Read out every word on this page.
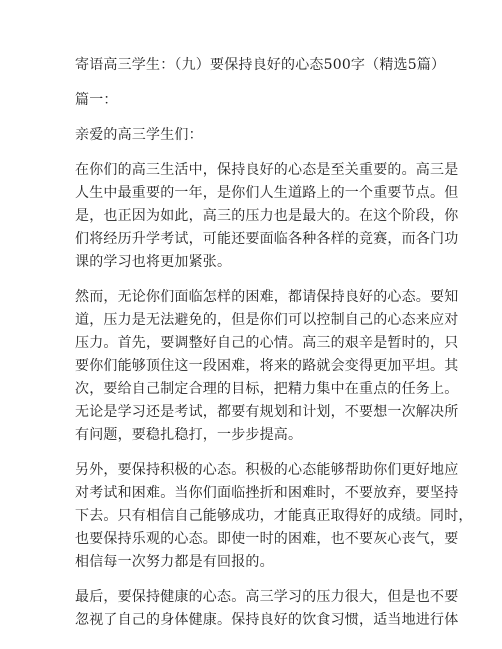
寄语高三学生：（九）要保持良好的心态500字（精选5篇）
篇一：
亲爱的高三学生们：
在你们的高三生活中，保持良好的心态是至关重要的。高三是
人生中最重要的一年，是你们人生道路上的一个重要节点。但
是，也正因为如此，高三的压力也是最大的。在这个阶段，你
们将经历升学考试，可能还要面临各种各样的竞赛，而各门功
课的学习也将更加紧张。
然而，无论你们面临怎样的困难，都请保持良好的心态。要知
道，压力是无法避免的，但是你们可以控制自己的心态来应对
压力。首先，要调整好自己的心情。高三的艰辛是暂时的，只
要你们能够顶住这一段困难，将来的路就会变得更加平坦。其
次，要给自己制定合理的目标，把精力集中在重点的任务上。
无论是学习还是考试，都要有规划和计划，不要想一次解决所
有问题，要稳扎稳打，一步步提高。
另外，要保持积极的心态。积极的心态能够帮助你们更好地应
对考试和困难。当你们面临挫折和困难时，不要放弃，要坚持
下去。只有相信自己能够成功，才能真正取得好的成绩。同时，
也要保持乐观的心态。即使一时的困难，也不要灰心丧气，要
相信每一次努力都是有回报的。
最后，要保持健康的心态。高三学习的压力很大，但是也不要
忽视了自己的身体健康。保持良好的饮食习惯，适当地进行体
